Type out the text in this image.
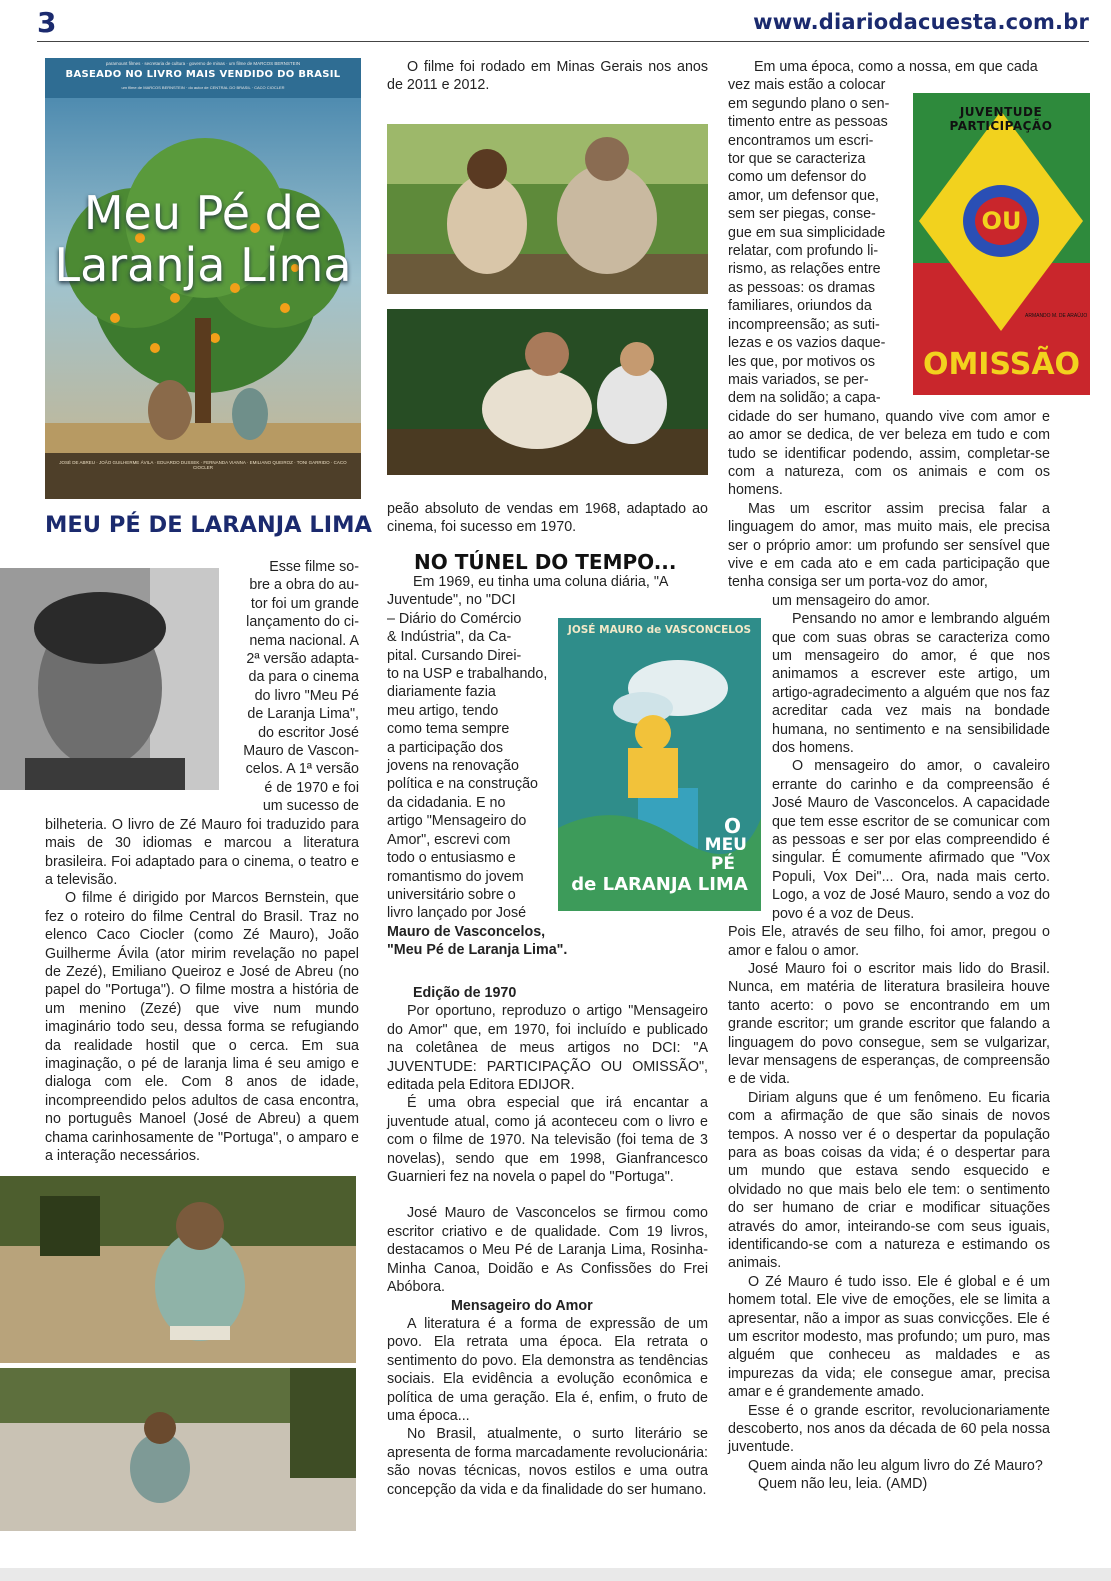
3	www.diariodacuesta.com.br
paramount filmes · secretaria de cultura · governo de minas · um filme de MARCOS BERNSTEIN
BASEADO NO LIVRO MAIS VENDIDO DO BRASIL
um filme de MARCOS BERNSTEIN · do autor de CENTRAL DO BRASIL · CACO CIOCLER
Meu Pé de
Laranja Lima
JOSÉ DE ABREU · JOÃO GUILHERME ÁVILA · EDUARDO DUSSEK · FERNANDA VIANNA · EMILIANO QUEIROZ · TONI GARRIDO · CACO CIOCLER
MEU PÉ DE LARANJA LIMA
Esse filme so-
bre a obra do au-
tor foi um grande
lançamento do ci-
nema nacional. A
2ª versão adapta-
da para o cinema
do livro "Meu Pé
de Laranja Lima",
do escritor José
Mauro de Vascon-
celos. A 1ª versão
é de 1970 e foi
um sucesso de

bilheteria. O livro de Zé Mauro foi traduzido para mais de 30 idiomas e marcou a literatura brasileira. Foi adaptado para o cinema, o teatro e a televisão.

O filme é dirigido por Marcos Bernstein, que fez o roteiro do filme Central do Brasil. Traz no elenco Caco Ciocler (como Zé Mauro), João Guilherme Ávila (ator mirim revelação no papel de Zezé), Emiliano Queiroz e José de Abreu (no papel do "Portuga"). O filme mostra a história de um menino (Zezé) que vive num mundo imaginário todo seu, dessa forma se refugiando da realidade hostil que o cerca. Em sua imaginação, o pé de laranja lima é seu amigo e dialoga com ele. Com 8 anos de idade, incompreendido pelos adultos de casa encontra, no português Manoel (José de Abreu) a quem chama carinhosamente de "Portuga", o amparo e a interação necessários.

O filme foi rodado em Minas Gerais nos anos de 2011 e 2012.

peão absoluto de vendas em 1968, adaptado ao cinema, foi sucesso em 1970.

NO TÚNEL DO TEMPO...
Em 1969, eu tinha uma coluna diária, "A
Juventude", no "DCI
– Diário do Comércio
& Indústria", da Ca-
pital. Cursando Direi-
to na USP e trabalhando,
diariamente fazia
meu artigo, tendo
como tema sempre
a participação dos
jovens na renovação
política e na construção
da cidadania. E no
artigo "Mensageiro do
Amor", escrevi com
todo o entusiasmo e
romantismo do jovem
universitário sobre o
livro lançado por José
Mauro de Vasconcelos,
"Meu Pé de Laranja Lima".
JOSÉ MAURO de VASCONCELOS
O
MEU
PÉ
de LARANJA LIMA
Edição de 1970

Por oportuno, reproduzo o artigo "Mensageiro do Amor" que, em 1970, foi incluído e publicado na coletânea de meus artigos no DCI: "A JUVENTUDE: PARTICIPAÇÃO OU OMISSÃO", editada pela Editora EDIJOR.

É uma obra especial que irá encantar a juventude atual, como já aconteceu com o livro e com o filme de 1970. Na televisão (foi tema de 3 novelas), sendo que em 1998, Gianfrancesco Guarnieri fez na novela o papel do "Portuga".

José Mauro de Vasconcelos se firmou como escritor criativo e de qualidade. Com 19 livros, destacamos o Meu Pé de Laranja Lima, Rosinha- Minha Canoa, Doidão e As Confissões do Frei Abóbora.

Mensageiro do Amor

A literatura é a forma de expressão de um povo. Ela retrata uma época. Ela retrata o sentimento do povo. Ela demonstra as tendências sociais. Ela evidência a evolução econômica e política de uma geração. Ela é, enfim, o fruto de uma época...

No Brasil, atualmente, o surto literário se apresenta de forma marcadamente revolucionária: são novas técnicas, novos estilos e uma outra concepção da vida e da finalidade do ser humano.

JUVENTUDE PARTICIPAÇÃO
OU
OMISSÃO
ARMANDO M. DE ARAÚJO
Em uma época, como a nossa, em que cada
vez mais estão a colocar
em segundo plano o sen-
timento entre as pessoas
encontramos um escri-
tor que se caracteriza
como um defensor do
amor, um defensor que,
sem ser piegas, conse-
gue em sua simplicidade
relatar, com profundo li-
rismo, as relações entre
as pessoas: os dramas
familiares, oriundos da
incompreensão; as suti-
lezas e os vazios daque-
les que, por motivos os
mais variados, se per-
dem na solidão; a capa-

cidade do ser humano, quando vive com amor e ao amor se dedica, de ver beleza em tudo e com tudo se identificar podendo, assim, completar-se com a natureza, com os animais e com os homens.

Mas um escritor assim precisa falar a linguagem do amor, mas muito mais, ele precisa ser o próprio amor: um profundo ser sensível que vive e em cada ato e em cada participação que tenha consiga ser um porta-voz do amor,

um mensageiro do amor.

Pensando no amor e lembrando alguém que com suas obras se caracteriza como um mensageiro do amor, é que nos animamos a escrever este artigo, um artigo-agradecimento a alguém que nos faz acreditar cada vez mais na bondade humana, no sentimento e na sensibilidade dos homens.

O mensageiro do amor, o cavaleiro errante do carinho e da compreensão é José Mauro de Vasconcelos. A capacidade que tem esse escritor de se comunicar com as pessoas e ser por elas compreendido é singular. É comumente afirmado que "Vox Populi, Vox Dei"... Ora, nada mais certo. Logo, a voz de José Mauro, sendo a voz do povo é a voz de Deus.

Pois Ele, através de seu filho, foi amor, pregou o amor e falou o amor.

José Mauro foi o escritor mais lido do Brasil. Nunca, em matéria de literatura brasileira houve tanto acerto: o povo se encontrando em um grande escritor; um grande escritor que falando a linguagem do povo consegue, sem se vulgarizar, levar mensagens de esperanças, de compreensão e de vida.

Diriam alguns que é um fenômeno. Eu ficaria com a afirmação de que são sinais de novos tempos. A nosso ver é o despertar da população para as boas coisas da vida; é o despertar para um mundo que estava sendo esquecido e olvidado no que mais belo ele tem: o sentimento do ser humano de criar e modificar situações através do amor, inteirando-se com seus iguais, identificando-se com a natureza e estimando os animais.

O Zé Mauro é tudo isso. Ele é global e é um homem total. Ele vive de emoções, ele se limita a apresentar, não a impor as suas convicções. Ele é um escritor modesto, mas profundo; um puro, mas alguém que conheceu as maldades e as impurezas da vida; ele consegue amar, precisa amar e é grandemente amado.

Esse é o grande escritor, revolucionariamente descoberto, nos anos da década de 60 pela nossa juventude.

Quem ainda não leu algum livro do Zé Mauro?

Quem não leu, leia. (AMD)
